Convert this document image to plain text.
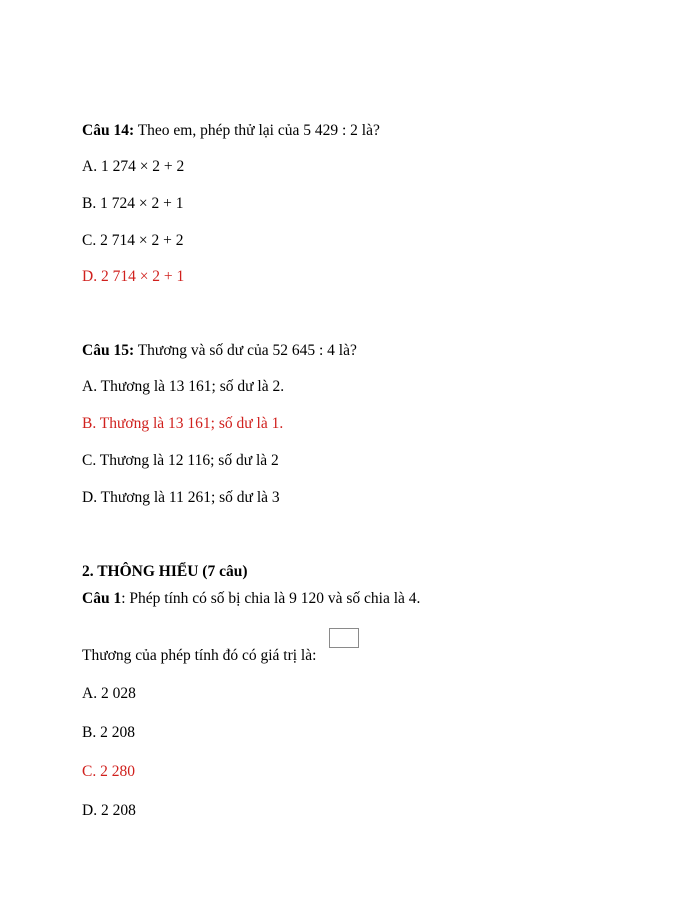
Câu 14: Theo em, phép thử lại của 5 429 : 2 là?
A. 1 274 × 2 + 2
B. 1 724 × 2 + 1
C. 2 714 × 2 + 2
D. 2 714 × 2 + 1
Câu 15: Thương và số dư của 52 645 : 4 là?
A. Thương là 13 161; số dư là 2.
B. Thương là 13 161; số dư là 1.
C. Thương là 12 116; số dư là 2
D. Thương là 11 261; số dư là 3
2. THÔNG HIỂU (7 câu)
Câu 1: Phép tính có số bị chia là 9 120 và số chia là 4.
Thương của phép tính đó có giá trị là:
A. 2 028
B. 2 208
C. 2 280
D. 2 208
